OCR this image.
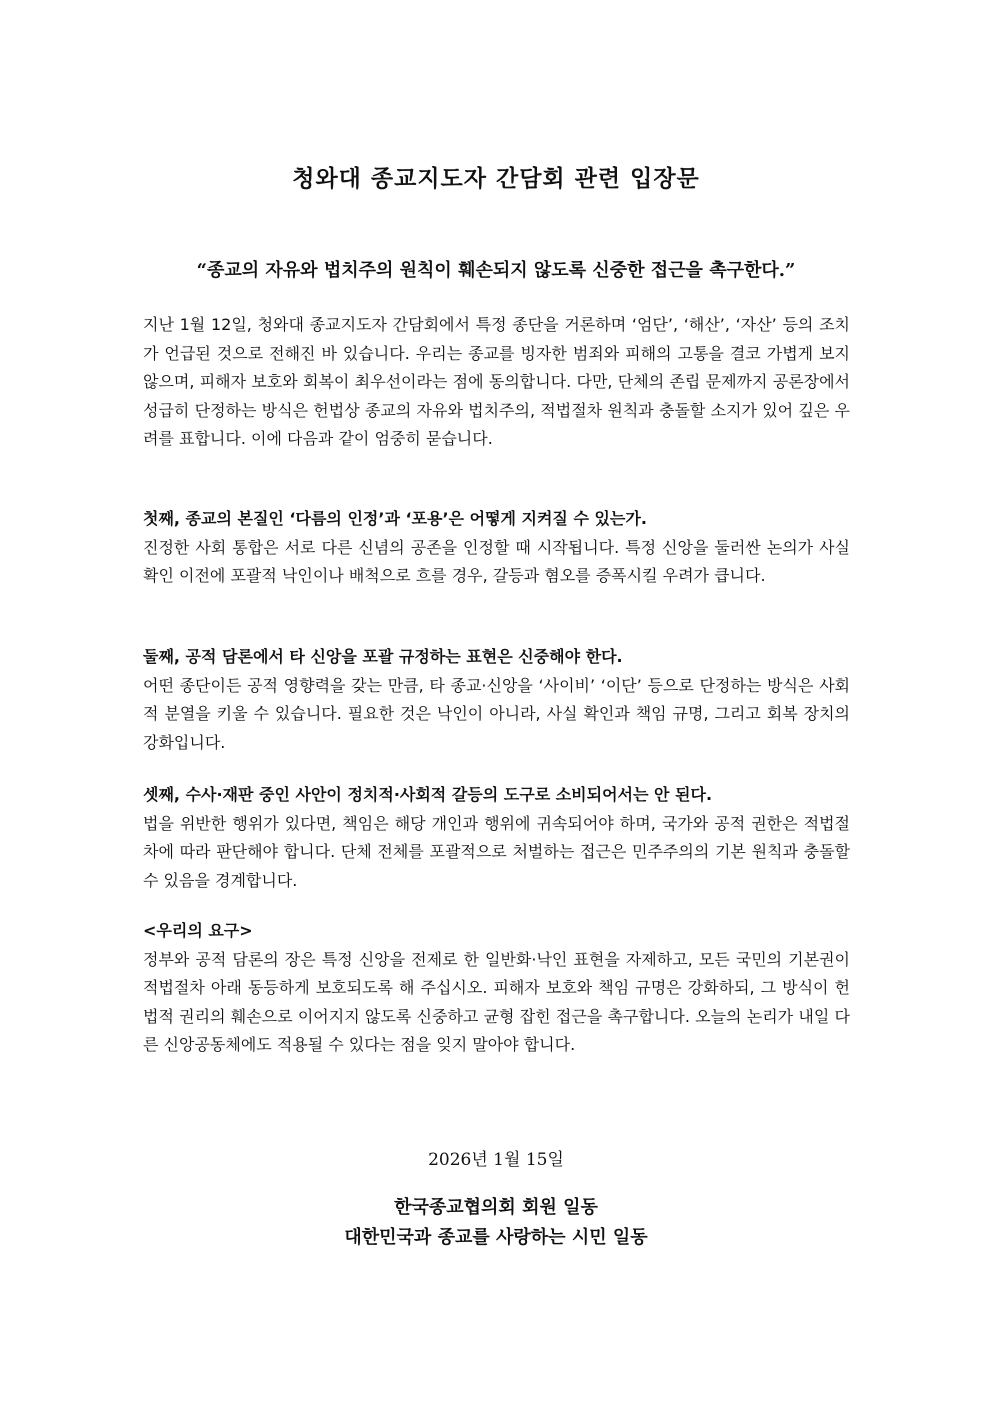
청와대 종교지도자 간담회 관련 입장문
“종교의 자유와 법치주의 원칙이 훼손되지 않도록 신중한 접근을 촉구한다.”

지난 1월 12일, 청와대 종교지도자 간담회에서 특정 종단을 거론하며 ‘엄단’, ‘해산’, ‘자산’ 등의 조치가 언급된 것으로 전해진 바 있습니다. 우리는 종교를 빙자한 범죄와 피해의 고통을 결코 가볍게 보지 않으며, 피해자 보호와 회복이 최우선이라는 점에 동의합니다. 다만, 단체의 존립 문제까지 공론장에서 성급히 단정하는 방식은 헌법상 종교의 자유와 법치주의, 적법절차 원칙과 충돌할 소지가 있어 깊은 우려를 표합니다. 이에 다음과 같이 엄중히 묻습니다.

첫째, 종교의 본질인 ‘다름의 인정’과 ‘포용’은 어떻게 지켜질 수 있는가.
진정한 사회 통합은 서로 다른 신념의 공존을 인정할 때 시작됩니다. 특정 신앙을 둘러싼 논의가 사실 확인 이전에 포괄적 낙인이나 배척으로 흐를 경우, 갈등과 혐오를 증폭시킬 우려가 큽니다.
둘째, 공적 담론에서 타 신앙을 포괄 규정하는 표현은 신중해야 한다.
어떤 종단이든 공적 영향력을 갖는 만큼, 타 종교·신앙을 ‘사이비’ ‘이단’ 등으로 단정하는 방식은 사회적 분열을 키울 수 있습니다. 필요한 것은 낙인이 아니라, 사실 확인과 책임 규명, 그리고 회복 장치의 강화입니다.
셋째, 수사·재판 중인 사안이 정치적·사회적 갈등의 도구로 소비되어서는 안 된다.
법을 위반한 행위가 있다면, 책임은 해당 개인과 행위에 귀속되어야 하며, 국가와 공적 권한은 적법절차에 따라 판단해야 합니다. 단체 전체를 포괄적으로 처벌하는 접근은 민주주의의 기본 원칙과 충돌할 수 있음을 경계합니다.
<우리의 요구>
정부와 공적 담론의 장은 특정 신앙을 전제로 한 일반화·낙인 표현을 자제하고, 모든 국민의 기본권이 적법절차 아래 동등하게 보호되도록 해 주십시오. 피해자 보호와 책임 규명은 강화하되, 그 방식이 헌법적 권리의 훼손으로 이어지지 않도록 신중하고 균형 잡힌 접근을 촉구합니다. 오늘의 논리가 내일 다른 신앙공동체에도 적용될 수 있다는 점을 잊지 말아야 합니다.

2026년 1월 15일

한국종교협의회 회원 일동

대한민국과 종교를 사랑하는 시민 일동
